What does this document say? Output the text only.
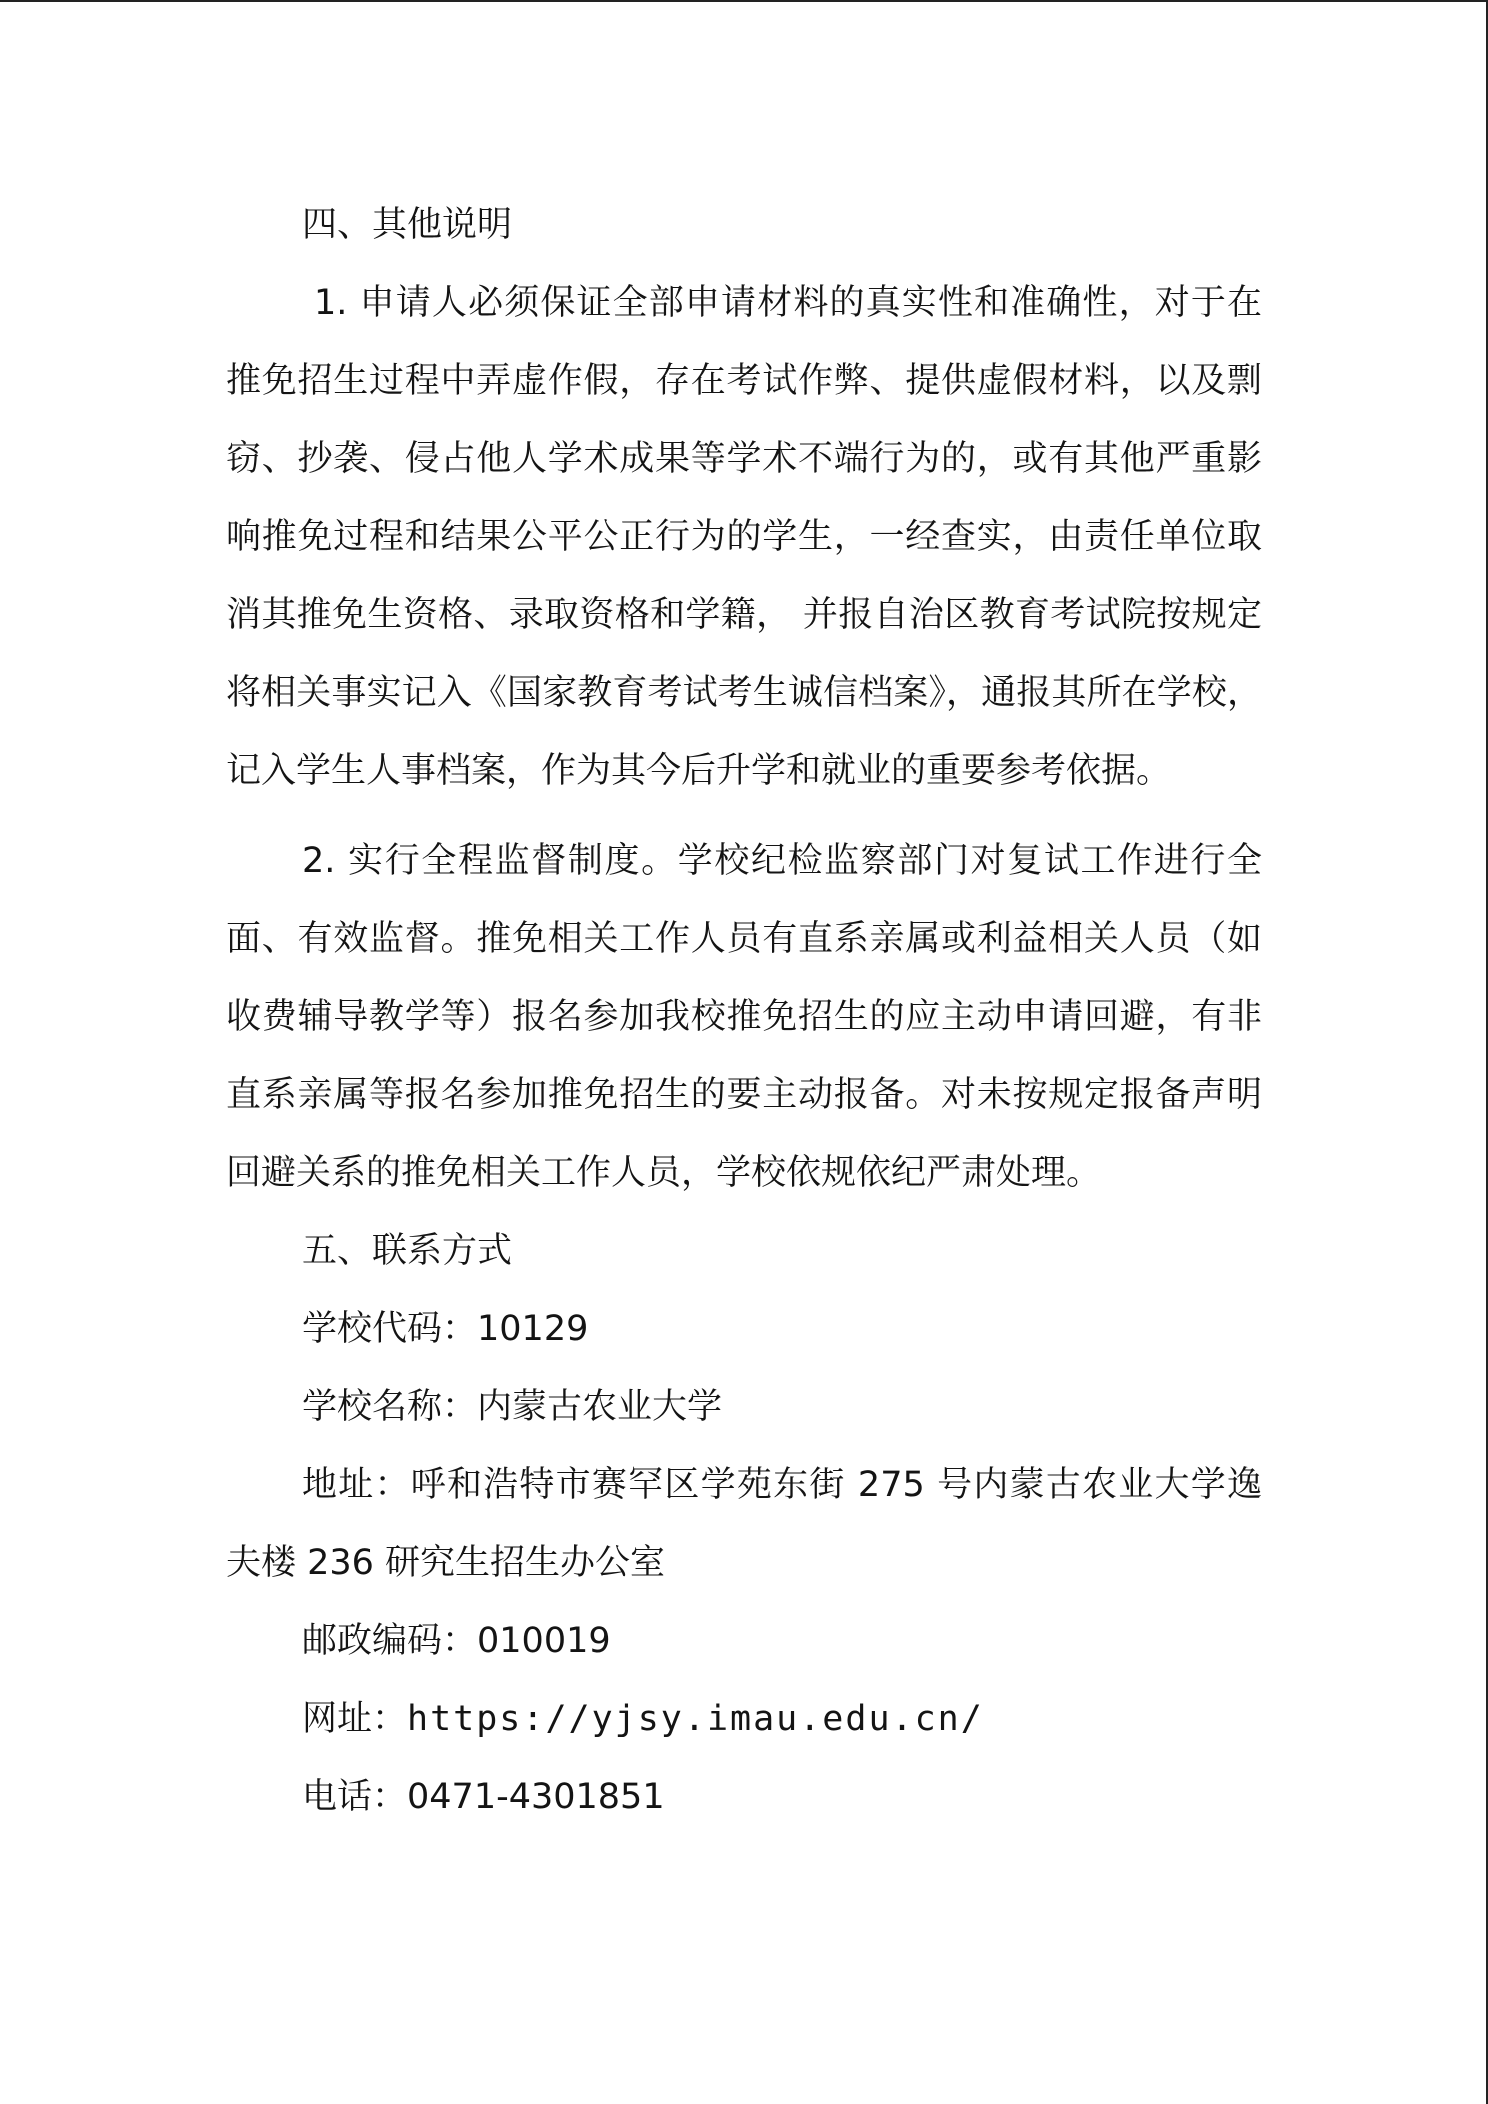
四、其他说明

1. 申请人必须保证全部申请材料的真实性和准确性，对于在推免招生过程中弄虚作假，存在考试作弊、提供虚假材料，以及剽窃、抄袭、侵占他人学术成果等学术不端行为的，或有其他严重影响推免过程和结果公平公正行为的学生，一经查实，由责任单位取消其推免生资格、录取资格和学籍， 并报自治区教育考试院按规定将相关事实记入《国家教育考试考生诚信档案》，通报其所在学校，记入学生人事档案，作为其今后升学和就业的重要参考依据。

2. 实行全程监督制度。学校纪检监察部门对复试工作进行全面、有效监督。推免相关工作人员有直系亲属或利益相关人员（如收费辅导教学等）报名参加我校推免招生的应主动申请回避，有非直系亲属等报名参加推免招生的要主动报备。对未按规定报备声明回避关系的推免相关工作人员，学校依规依纪严肃处理。

五、联系方式

学校代码：10129

学校名称：内蒙古农业大学

地址：呼和浩特市赛罕区学苑东街 275 号内蒙古农业大学逸夫楼 236 研究生招生办公室

邮政编码：010019

网址：https://yjsy.imau.edu.cn/

电话：0471-4301851
